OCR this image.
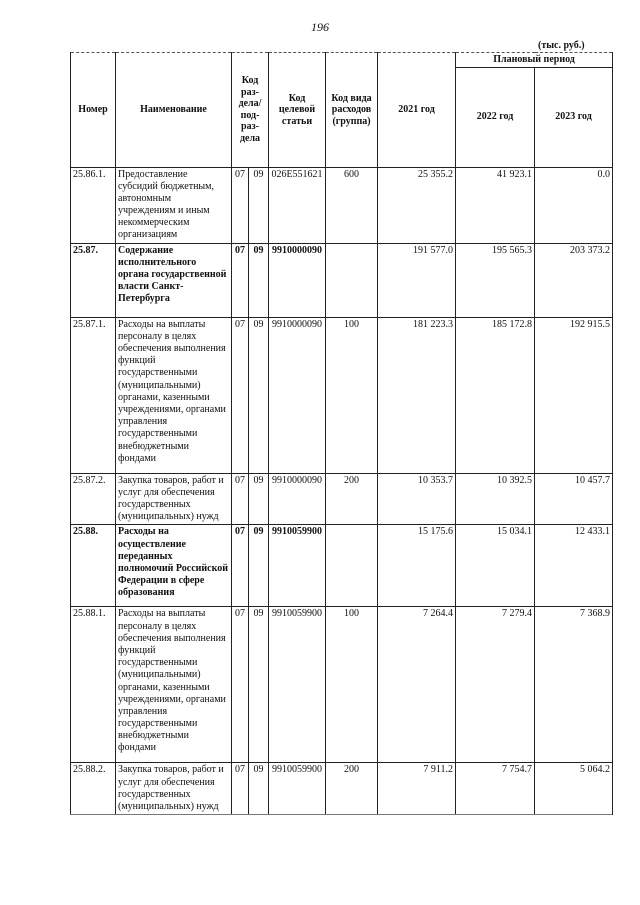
196
(тыс. руб.)
Номер	Наименование	Код раз-дела/ под-раз-дела		Код целевой статьи	Код вида расходов (группа)	2021 год	Плановый период	
							2022 год	2023 год
25.86.1.	Предоставление субсидий бюджетным, автономным учреждениям и иным некоммерческим организациям	07	09	026E551621	600	25 355.2	41 923.1	0.0
25.87.	Содержание исполнительного органа государственной власти Санкт-Петербурга	07	09	9910000090		191 577.0	195 565.3	203 373.2
25.87.1.	Расходы на выплаты персоналу в целях обеспечения выполнения функций государственными (муниципальными) органами, казенными учреждениями, органами управления государственными внебюджетными фондами	07	09	9910000090	100	181 223.3	185 172.8	192 915.5
25.87.2.	Закупка товаров, работ и услуг для обеспечения государственных (муниципальных) нужд	07	09	9910000090	200	10 353.7	10 392.5	10 457.7
25.88.	Расходы на осуществление переданных полномочий Российской Федерации в сфере образования	07	09	9910059900		15 175.6	15 034.1	12 433.1
25.88.1.	Расходы на выплаты персоналу в целях обеспечения выполнения функций государственными (муниципальными) органами, казенными учреждениями, органами управления государственными внебюджетными фондами	07	09	9910059900	100	7 264.4	7 279.4	7 368.9
25.88.2.	Закупка товаров, работ и услуг для обеспечения государственных (муниципальных) нужд	07	09	9910059900	200	7 911.2	7 754.7	5 064.2
